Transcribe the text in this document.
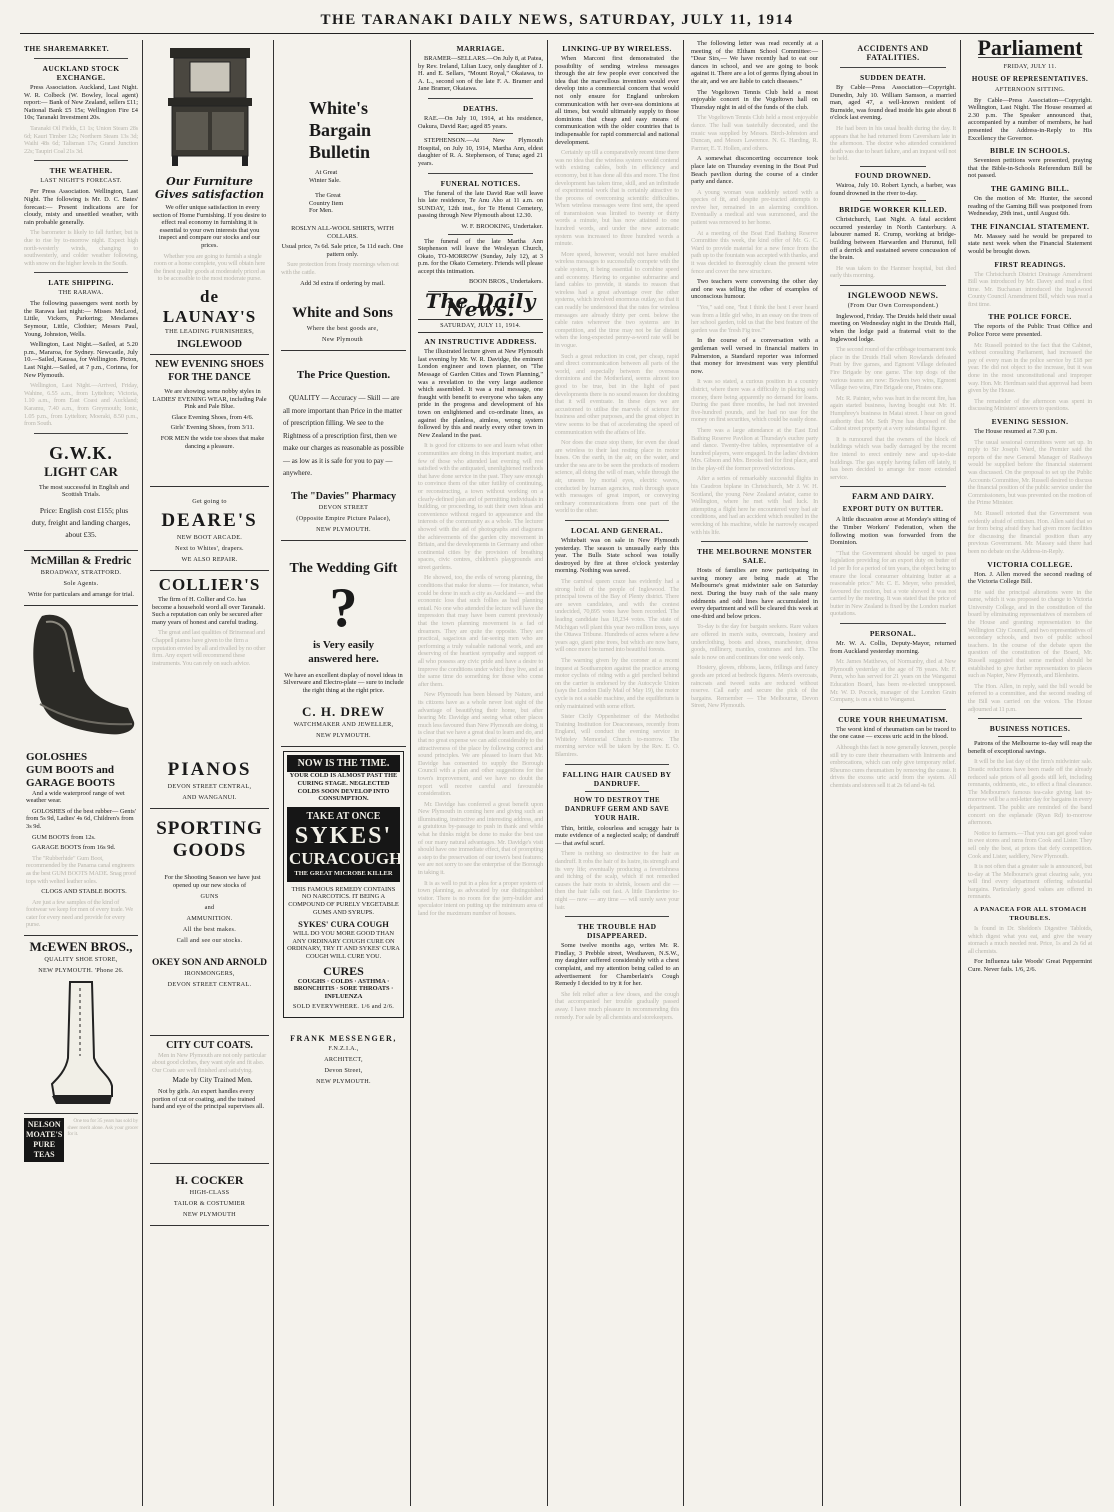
THE TARANAKI DAILY NEWS, SATURDAY, JULY 11, 1914
THE SHAREMARKET.
AUCKLAND STOCK EXCHANGE.

Press Association. Auckland, Last Night. W. R. Colbeck (W. Bowley, local agent) report:— Bank of New Zealand, sellers £11; National Bank £5 15s; Wellington Fire £4 10s; Taranaki Investment 20s.

Taranaki Oil Fields, £1 1s; Union Steam 28s 6d; Kauri Timber 12s; Northern Steam 13s 3d; Waihi 48s 6d; Talisman 17s; Grand Junction 22s; Taupiri Coal 21s 3d.

THE WEATHER.
LAST NIGHT'S FORECAST.

Per Press Association. Wellington, Last Night. The following is Mr. D. C. Bates' forecast:— Present indications are for cloudy, misty and unsettled weather, with rain probable generally.

The barometer is likely to fall further, but is due to rise by to-morrow night. Expect high north-westerly winds, changing to southwesterly, and colder weather following, with snow on the higher levels in the South.

LATE SHIPPING.
THE RARAWA.

The following passengers went north by the Rarawa last night:— Misses McLeod, Little, Vickers, Parkering; Mesdames Seymour, Little, Clothier; Messrs Paul, Young, Johnston, Wells.

Wellington, Last Night.—Sailed, at 5.20 p.m., Mararoa, for Sydney. Newcastle, July 10.—Sailed, Kaussa, for Wellington. Picton, Last Night.—Sailed, at 7 p.m., Corinna, for New Plymouth.

Wellington, Last Night.—Arrived, Friday, Wahine, 6.55 a.m., from Lyttelton; Victoria, 1.10 a.m., from East Coast and Auckland; Karamu, 7.40 a.m., from Greymouth; Ionic, 1.05 p.m., from Lyttelton; Moeraki, 8.50 p.m., from South.

G.W.K.
LIGHT CAR

The most successful in English and Scottish Trials.

Price: English cost £155; plus duty, freight and landing charges, about £35.

McMillan & Fredric
BROADWAY, STRATFORD.
Sole Agents.

Write for particulars and arrange for trial.

GOLOSHES
GUM BOOTS and
GARAGE BOOTS

And a wide waterproof range of wet weather wear.

GOLOSHES of the best rubber— Gents' from 5s 9d, Ladies' 4s 6d, Children's from 3s 9d.

GUM BOOTS from 12s.

GARAGE BOOTS from 16s 9d.

The "Rubberhide" Gum Boot, recommended by the Panama canal engineers as the best GUM BOOTS MADE. Snag proof tops with welted leather soles.

CLOGS AND STABLE BOOTS.

Are just a few samples of the kind of footwear we keep for men of every trade. We cater for every need and provide for every purse.

McEWEN BROS.,
QUALITY SHOE STORE,
NEW PLYMOUTH. 'Phone 26.
NELSON
MOATE'S
PURE TEAS

One tea for 35 years has sold by sheer merit alone. Ask your grocer for it.

Our Furniture
Gives satisfaction

We offer unique satisfaction in every section of Home Furnishing. If you desire to effect real economy in furnishing it is essential to your own interests that you inspect and compare our stocks and our prices.

Whether you are going to furnish a single room or a home complete, you will obtain here the finest quality goods at moderately priced as to be accessible to the most moderate purse.

de LAUNAY'S
THE LEADING FURNISHERS,
INGLEWOOD
NEW EVENING SHOES
FOR THE DANCE

We are showing some nobby styles in LADIES' EVENING WEAR, including Pale Pink and Pale Blue.

Glace Evening Shoes, from 4/6.

Girls' Evening Shoes, from 3/11.

FOR MEN the wide toe shoes that make dancing a pleasure.

Get going to
DEARE'S
NEW BOOT ARCADE.
Next to Whites', drapers.
WE ALSO REPAIR.
COLLIER'S

The firm of H. Collier and Co. has become a household word all over Taranaki. Such a reputation can only be secured after many years of honest and careful trading.

The great and last qualities of Brinsmead and Chappell pianos have given to the firm a reputation envied by all and rivalled by no other firm. Any expert will recommend these instruments. You can rely on such advice.

PIANOS
DEVON STREET CENTRAL,
AND WANGANUI.
SPORTING
GOODS

For the Shooting Season we have just opened up our new stocks of

GUNS
and
AMMUNITION.
All the best makes.
Call and see our stocks.
OKEY SON AND ARNOLD
IRONMONGERS,
DEVON STREET CENTRAL.
CITY CUT COATS.

Men in New Plymouth are not only particular about good clothes, they want style and fit also. Our Coats are well finished and satisfying.

Made by City Trained Men.

Not by girls. An expert handles every portion of cut or coating, and the trained hand and eye of the principal supervises all.

H. COCKER
HIGH-CLASS
TAILOR & COSTUMIER
NEW PLYMOUTH
White's
Bargain
Bulletin

At Great Winter Sale.

The Great Country Item For Men.

ROSLYN ALL-WOOL SHIRTS, WITH COLLARS.

Usual price, 7s 6d. Sale price, 5s 11d each. One pattern only.

Sure protection from frosty mornings when out with the cattle.

Add 3d extra if ordering by mail.

White and Sons
Where the best goods are,
New Plymouth
The Price Question.

QUALITY — Accuracy — Skill — are all more important than Price in the matter of prescription filling. We see to the Rightness of a prescription first, then we make our charges as reasonable as possible — as low as it is safe for you to pay — anywhere.

The "Davies" Pharmacy
DEVON STREET
(Opposite Empire Picture Palace),
NEW PLYMOUTH.
The Wedding Gift
?
is Very easily
answered here.

We have an excellent display of novel ideas in Silverware and Electro-plate — sure to include the right thing at the right price.

C. H. DREW
WATCHMAKER AND JEWELLER,
NEW PLYMOUTH.
NOW IS THE TIME.

YOUR COLD IS ALMOST PAST THE CURING STAGE. NEGLECTED COLDS SOON DEVELOP INTO CONSUMPTION.

TAKE AT ONCE
SYKES'
CURACOUGH
THE GREAT MICROBE KILLER

THIS FAMOUS REMEDY CONTAINS NO NARCOTICS. IT BEING A COMPOUND OF PURELY VEGETABLE GUMS AND SYRUPS.

SYKES' CURA COUGH

WILL DO YOU MORE GOOD THAN ANY ORDINARY COUGH CURE ON ORDINARY, TRY IT AND SYKES' CURA COUGH WILL CURE YOU.

CURES

COUGHS · COLDS · ASTHMA · BRONCHITIS · SORE THROATS · INFLUENZA

SOLD EVERYWHERE. 1/6 and 2/6.
FRANK MESSENGER,
F.N.Z.I.A.,
ARCHITECT,
Devon Street,
NEW PLYMOUTH.
MARRIAGE.

BRAMER—SELLARS.—On July 8, at Patea, by Rev. Ireland, Lilian Lucy, only daughter of J. H. and E. Sellars, "Mount Royal," Okaiawa, to A. L., second son of the late F. A. Bramer and Jane Bramer, Okaiawa.

DEATHS.

RAE.—On July 10, 1914, at his residence, Oakura, David Rae; aged 85 years.

STEPHENSON.—At New Plymouth Hospital, on July 10, 1914, Martha Ann, eldest daughter of R. A. Stephenson, of Tuna; aged 21 years.

FUNERAL NOTICES.

The funeral of the late David Rae will leave his late residence, Te Anu Aho at 11 a.m. on SUNDAY, 12th inst., for Te Henui Cemetery, passing through New Plymouth about 12.30.

W. F. BROOKING, Undertaker.

The funeral of the late Martha Ann Stephenson will leave the Wesleyan Church, Okato, TO-MORROW (Sunday, July 12), at 3 p.m. for the Okato Cemetery. Friends will please accept this intimation.

BOON BROS., Undertakers.

The Daily News.
SATURDAY, JULY 11, 1914.
AN INSTRUCTIVE ADDRESS.

The illustrated lecture given at New Plymouth last evening by Mr. W. R. Davidge, the eminent London engineer and town planner, on "The Message of Garden Cities and Town Planning," was a revelation to the very large audience which assembled. It was a real message, one fraught with benefit to everyone who takes any pride in the progress and development of his town on enlightened and co-ordinate lines, as against the planless, aimless, wrong system followed by this and nearly every other town in New Zealand in the past.

It is good for citizens to see and learn what other communities are doing in this important matter, and few of those who attended last evening will rest satisfied with the antiquated, unenlightened methods that have done service in the past. They saw enough to convince them of the utter futility of continuing, or reconstructing, a town without working on a clearly-defined plan and of permitting individuals in building, or proceeding, to suit their own ideas and convenience without regard to appearance and the interests of the community as a whole. The lecturer showed with the aid of photographs and diagrams the achievements of the garden city movement in Britain, and the developments in Germany and other continental cities by the provision of breathing spaces, civic centres, children's playgrounds and street gardens.

He showed, too, the evils of wrong planning, the conditions that make for slums — for instance, what could be done in such a city as Auckland — and the economic loss that such follies as bad planning entail. No one who attended the lecture will have the impression that may have been current previously that the town planning movement is a fad of dreamers. They are quite the opposite. They are practical, sagacious and far-seeing men who are performing a truly valuable national work, and are deserving of the heartiest sympathy and support of all who possess any civic pride and have a desire to improve the conditions under which they live, and at the same time do something for those who come after them.

New Plymouth has been blessed by Nature, and its citizens have as a whole never lost sight of the advantage of beautifying their home, but after hearing Mr. Davidge and seeing what other places much less favoured than New Plymouth are doing, it is clear that we have a great deal to learn and do, and that no great expense we can add considerably to the attractiveness of the place by following correct and sound principles. We are pleased to learn that Mr. Davidge has consented to supply the Borough Council with a plan and other suggestions for the town's improvement, and we have no doubt the report will receive careful and favourable consideration.

Mr. Davidge has conferred a great benefit upon New Plymouth in coming here and giving such an illuminating, instructive and interesting address, and a gratuitous by-passage to push in thank and while what he thinks might be done to make the best use of our many natural advantages. Mr. Davidge's visit should have one immediate effect, that of prompting a step to the preservation of our town's best features; we are not sorry to see the enterprise of the Borough in taking it.

It is as well to put in a plea for a proper system of town planning, as advocated by our distinguished visitor. There is no room for the jerry-builder and speculator intent on putting up the minimum area of land for the maximum number of houses.

LINKING-UP BY WIRELESS.

When Marconi first demonstrated the possibility of sending wireless messages through the air few people ever conceived the idea that the marvellous invention would ever develop into a commercial concern that would not only ensure for England unbroken communication with her over-sea dominions at all times, but would ultimately supply to those dominions that cheap and easy means of communication with the older countries that is indispensable for rapid commercial and national development.

Certainly up till a comparatively recent time there was no idea that the wireless system would contend with existing cables, both in efficiency and economy, but it has done all this and more. The first development has taken time, skill, and an infinitude of experimental work that is certainly attractive to the process of overcoming scientific difficulties. When wireless messages were first sent, the speed of transmission was limited to twenty or thirty words a minute, but has now attained to one hundred words, and under the new automatic system was increased to three hundred words a minute.

More speed, however, would not have enabled wireless messages to successfully compete with the cable system, it being essential to combine speed and economy. Having to organise submarine and land cables to provide, it stands to reason that wireless had a great advantage over the other systems, which involved enormous outlay, so that it can readily be understood that the rates for wireless messages are already thirty per cent. below the cable rates wherever the two systems are in competition, and the time may not be far distant when the long-expected penny-a-word rate will be in vogue.

Such a great reduction in cost, per cheap, rapid and direct communication between all parts of the world, and especially between the overseas dominions and the Motherland, seems almost too good to be true, but in the light of past developments there is no sound reason for doubting that it will eventuate. In these days we are accustomed to utilise the marvels of science for business and other purposes, and the great object in view seems to be that of accelerating the speed of communication with the affairs of life.

Nor does the craze stop there, for even the dead are wireless to their last resting place in motor buses. On the earth, in the air, on the water, and under the sea are to be seen the products of modern science, all doing the will of man, while through the air, unseen by mortal eyes, electric waves, conducted by human agencies, rush through space with messages of great import, or conveying ordinary communications from one part of the world to the other.

LOCAL AND GENERAL.

Whitebait was on sale in New Plymouth yesterday. The season is unusually early this year. The Bulls State school was totally destroyed by fire at three o'clock yesterday morning. Nothing was saved.

The carnival queen craze has evidently had a strong hold of the people of Inglewood. The principal towns of the Bay of Plenty district. There are seven candidates, and with the contest undecided, 70,895 votes have been recorded. The leading candidate has 18,234 votes. The state of Michigan will plant this year two million trees, says the Ottawa Tribune. Hundreds of acres where a few years ago, giant pine trees, but which are now bare, will once more be turned into beautiful forests.

The warning given by the coroner at a recent inquest at Southampton against the practice among motor cyclists of riding with a girl perched behind on the carrier is endorsed by the Autocycle Union (says the London Daily Mail of May 19), the motor cycle is not a stable machine, and the equilibrium is only maintained with some effort.

Sister Cicily Oppenheimer of the Methodist Training Institution for Deaconesses, recently from England, will conduct the evening service in Whiteley Memorial Church to-morrow. The morning service will be taken by the Rev. E. O. Blamires.

FALLING HAIR CAUSED BY DANDRUFF.
HOW TO DESTROY THE DANDRUFF GERM AND SAVE YOUR HAIR.

Thin, brittle, colourless and scraggy hair is mute evidence of a neglected scalp; of dandruff — that awful scurf.

There is nothing so destructive to the hair as dandruff. It robs the hair of its lustre, its strength and its very life; eventually producing a feverishness and itching of the scalp, which if not remedied causes the hair roots to shrink, loosen and die — then the hair falls out fast. A little Danderine to-night — now — any time — will surely save your hair.

THE TROUBLE HAD DISAPPEARED.

Some twelve months ago, writes Mr. R. Findlay, 3 Prebble street, Westhaven, N.S.W., my daughter suffered considerably with a chest complaint, and my attention being called to an advertisement for Chamberlain's Cough Remedy I decided to try it for her.

She felt relief after a few doses, and the cough that accompanied her trouble gradually passed away. I have much pleasure in recommending this remedy. For sale by all chemists and storekeepers.

The following letter was read recently at a meeting of the Eltham School Committee:— "Dear Sirs,— We have recently had to eat our dances in school, and we are going to book against it. There are a lot of germs flying about in the air, and we are liable to catch diseases."

The Vogeltown Tennis Club held a most enjoyable concert in the Vogeltown hall on Thursday night in aid of the funds of the club.

The Vogeltown Tennis Club held a most enjoyable dance. The hall was tastefully decorated, and the music was supplied by Messrs. Birch-Johnston and Duncan, and Messrs Lawrence. N. G. Harding, R. Parmer, E. T. Hollen, and others.

A somewhat disconcerting occurrence took place late on Thursday evening in the Boat Pud Beach pavilion during the course of a cinder party and dance.

A young woman was suddenly seized with a species of fit, and despite pre-tracted attempts to revive her, remained in an alarming condition. Eventually a medical aid was summoned, and the patient was removed to her home.

At a meeting of the Boat End Bathing Reserve Committee this week, the kind offer of Mr. G. C. Ward to provide material for a new fence from the path up to the fountain was accepted with thanks, and it was decided to thoroughly clean the present wire fence and cover the new structure.

Two teachers were conversing the other day and one was telling the other of examples of unconscious humour.

"Yes," said one, "but I think the best I ever heard was from a little girl who, in an essay on the trees of her school garden, told us that the best feature of the garden was the 'fresh Fig tree.'"

In the course of a conversation with a gentleman well versed in financial matters in Palmerston, a Standard reporter was informed that money for investment was very plentiful now.

It was so stated, a curious position in a country district, where there was a difficulty in placing such money, there being apparently no demand for loans. During the past three months, he had not invested five-hundred pounds, and he had no use for the money on first securities, which could be easily done.

There was a large attendance at the East End Bathing Reserve Pavilion at Thursday's euchre party and dance. Twenty-five tables, representative of a hundred players, were engaged. In the ladies' division Mrs. Gibson and Mrs. Brooks tied for first place, and in the play-off the former proved victorious.

After a series of remarkably successful flights in his Caudron biplane in Christchurch, Mr J. W. H. Scotland, the young New Zealand aviator, came to Wellington, where he met with bad luck. In attempting a flight here he encountered very bad air conditions, and had an accident which resulted in the wrecking of his machine, while he narrowly escaped with his life.

THE MELBOURNE MONSTER SALE.

Hosts of families are now participating in saving money are being made at The Melbourne's great midwinter sale on Saturday next. During the busy rush of the sale many oddments and odd lines have accumulated in every department and will be cleared this week at one-third and below prices.

To-day is the day for bargain seekers. Rare values are offered in men's suits, overcoats, hosiery and underclothing, boots and shoes, manchester, dress goods, millinery, mantles, costumes and furs. The sale is now on and continues for one week only.

Hosiery, gloves, ribbons, laces, frillings and fancy goods are priced at bedrock figures. Men's overcoats, raincoats and tweed suits are reduced without reserve. Call early and secure the pick of the bargains. Remember — The Melbourne, Devon Street, New Plymouth.

ACCIDENTS AND FATALITIES.
SUDDEN DEATH.

By Cable—Press Association—Copyright. Dunedin, July 10. William Samson, a married man, aged 47, a well-known resident of Burnside, was found dead inside his gate about 8 o'clock last evening.

He had been in his usual health during the day. It appears that he had returned from Caversham late in the afternoon. The doctor who attended considered death was due to heart failure, and an inquest will not be held.

FOUND DROWNED.

Wairoa, July 10. Robert Lynch, a barber, was found drowned in the river to-day.

BRIDGE WORKER KILLED.

Christchurch, Last Night. A fatal accident occurred yesterday in North Canterbury. A labourer named R. Crump, working at bridge-building between Harwarden and Hurunui, fell off a derrick and sustained severe concussion of the brain.

He was taken to the Hanmer hospital, but died early this morning.

INGLEWOOD NEWS.
(From Our Own Correspondent.)

Inglewood, Friday. The Druids held their usual meeting on Wednesday night in the Druids Hall, when the lodge paid a fraternal visit to the Inglewood lodge.

The second round of the cribbage tournament took place in the Druids Hall when Rowlands defeated Pratt by five games, and Egmont Village defeated Fire Brigade by one game. The top dogs of the various teams are now: Bowlers two wins, Egmont Village two wins, Fire Brigade one, Pirates one.

Mr. R. Painter, who was hurt in the recent fire, has again started business, having bought out Mr. H. Humphrey's business in Matai street. I hear on good authority that Mr. Seth Pyne has disposed of the Caltest street property at a very substantial figure.

It is rumoured that the owners of the block of buildings which was badly damaged by the recent fire intend to erect entirely new and up-to-date buildings. The gas supply having fallen off lately, it has been decided to arrange for more extended service.

FARM AND DAIRY.
EXPORT DUTY ON BUTTER.

A little discussion arose at Monday's sitting of the Timber Workers' Federation, when the following motion was forwarded from the Dominion.

"That the Government should be urged to pass legislation providing for an export duty on butter of 1d per lb for a period of ten years, the object being to ensure the local consumer obtaining butter at a reasonable price." Mr. C. E. Meyer, who presided, favoured the motion, but a vote showed it was not carried by the meeting. It was stated that the price of butter in New Zealand is fixed by the London market quotations.

PERSONAL.

Mr. W. A. Collis, Deputy-Mayor, returned from Auckland yesterday morning.

Mr. James Matthews, of Normanby, died at New Plymouth yesterday at the age of 78 years. Mr. F. Penn, who has served for 21 years on the Wanganui Education Board, has been re-elected unopposed. Mr. W. D. Pocock, manager of the London Grain Company, is on a visit to Wanganui.

CURE YOUR RHEUMATISM.

The worst kind of rheumatism can be traced to the one cause — excess uric acid in the blood.

Although this fact is now generally known, people still try to cure their rheumatism with liniments and embrocations, which can only give temporary relief. Rheumo cures rheumatism by removing the cause. It drives the excess uric acid from the system. All chemists and stores sell it at 2s 6d and 4s 6d.

Parliament
FRIDAY, JULY 11.
HOUSE OF REPRESENTATIVES.
AFTERNOON SITTING.

By Cable—Press Association—Copyright. Wellington, Last Night. The House resumed at 2.30 p.m. The Speaker announced that, accompanied by a number of members, he had presented the Address-in-Reply to His Excellency the Governor.

BIBLE IN SCHOOLS.

Seventeen petitions were presented, praying that the Bible-in-Schools Referendum Bill be not passed.

THE GAMING BILL.

On the motion of Mr. Hunter, the second reading of the Gaming Bill was postponed from Wednesday, 29th inst., until August 6th.

THE FINANCIAL STATEMENT.

Mr. Massey said he would be prepared to state next week when the Financial Statement would be brought down.

FIRST READINGS.

The Christchurch District Drainage Amendment Bill was introduced by Mr. Davey and read a first time. Mr. Buchanan introduced the Inglewood County Council Amendment Bill, which was read a first time.

THE POLICE FORCE.

The reports of the Public Trust Office and Police Force were presented.

Mr. Russell pointed to the fact that the Cabinet, without consulting Parliament, had increased the pay of every man in the police service by £18 per year. He did not object to the increase, but it was done in the most unconstitutional and improper way. Hon. Mr. Herdman said that approval had been given by the House.

The remainder of the afternoon was spent in discussing Ministers' answers to questions.

EVENING SESSION.

The House resumed at 7.30 p.m.

The usual sessional committees were set up. In reply to Sir Joseph Ward, the Premier said the reports of the new General Manager of Railways would be supplied before the financial statement was discussed. On the proposal to set up the Public Accounts Committee, Mr. Russell desired to discuss the financial position of the public service under the Commissioners, but was prevented on the motion of the Prime Minister.

Mr. Russell retorted that the Government was evidently afraid of criticism. Hon. Allen said that so far from being afraid they had given more facilities for discussing the financial position than any previous Government. Mr. Massey said there had been no debate on the Address-in-Reply.

VICTORIA COLLEGE.

Hon. J. Allen moved the second reading of the Victoria College Bill.

He said the principal alterations were in the name, which it was proposed to change to Victoria University College, and in the constitution of the board by eliminating representatives of members of the House and granting representation to the Wellington City Council, and two representatives of secondary schools, and two of public school teachers. In the course of the debate upon the question of the constitution of the Board, Mr. Russell suggested that some method should be established to give further representation to places such as Napier, New Plymouth, and Blenheim.

The Hon. Allen, in reply, said the bill would be referred to a committee, and the second reading of the Bill was carried on the voices. The House adjourned at 11 p.m.

BUSINESS NOTICES.

Patrons of the Melbourne to-day will reap the benefit of exceptional savings.

It will be the last day of the firm's midwinter sale. Drastic reductions have been made off the already reduced sale prices of all goods still left, including remnants, oddments, etc., to effect a final clearance. The Melbourne's famous tea-cake giving last to-morrow will be a red-letter day for bargains in every department. The public are reminded of the band concert on the esplanade (Ryan Rd) to-morrow afternoon.

Notice to farmers.—That you can get good value in ewe stores and rams from Cook and Lister. They sell only the best, at prices that defy competition. Cook and Lister, saddlery, New Plymouth.

It is not often that a greater sale is announced, but to-day at The Melbourne's great clearing sale, you will find every department offering substantial bargains. Particularly good values are offered in remnants.

A PANACEA FOR ALL STOMACH TROUBLES.

Is found in Dr. Sheldon's Digestive Tabloids, which digest what you eat, and give the weary stomach a much needed rest. Price, 1s and 2s 6d at all chemists.

For Influenza take Woods' Great Peppermint Cure. Never fails. 1/6, 2/6.
